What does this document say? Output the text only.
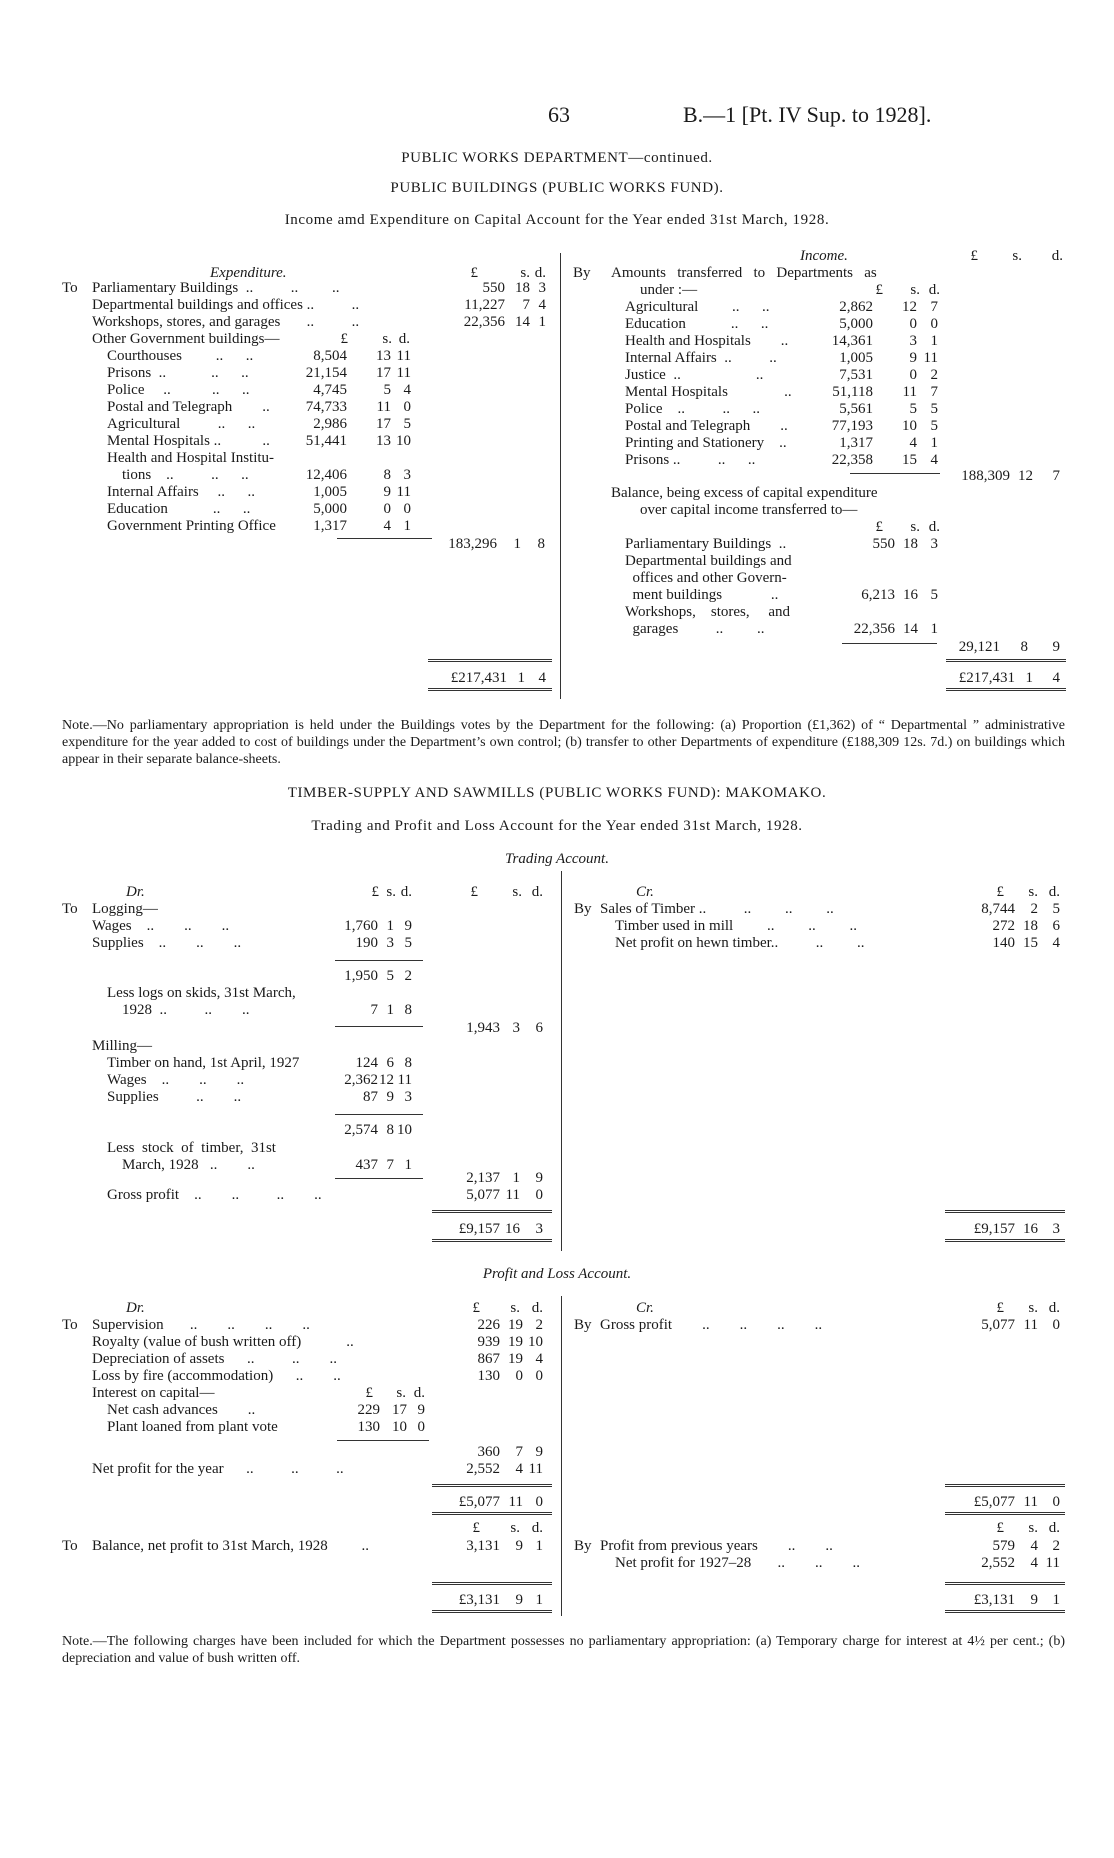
63	B.—1 [Pt. IV Sup. to 1928].
PUBLIC WORKS DEPARTMENT—continued.
PUBLIC BUILDINGS (PUBLIC WORKS FUND).
Income amd Expenditure on Capital Account for the Year ended 31st March, 1928.
Expenditure.	£	s. d.
To Parliamentary Buildings  ..          ..         ..	550 18 3
Departmental buildings and offices ..          ..	11,227	7 4
Workshops, stores, and garages       ..          ..	22,356 14 1
Other Government buildings—	£	s. d.
Courthouses         ..      ..	8,504	13 11
Prisons  ..            ..      ..	21,154	17 11
Police     ..           ..      ..	4,745	5 4
Postal and Telegraph        ..	74,733	11 0
Agricultural          ..      ..	2,986	17 5
Mental Hospitals ..           ..	51,441	13 10
Health and Hospital Institu-
tions    ..          ..      ..	12,406	8 3
Internal Affairs     ..      ..	1,005	9 11
Education            ..      ..	5,000	0 0
Government Printing Office	1,317	4 1
183,296	1	8
£217,431 1 4
Income.	£	s.	d.
By Amounts   transferred   to   Departments   as
under :—	£	s. d.
Agricultural         ..      ..	2,862	12 7
Education            ..      ..	5,000	0 0
Health and Hospitals        ..	14,361	3 1
Internal Affairs  ..          ..	1,005	9 11
Justice  ..                    ..	7,531	0 2
Mental Hospitals               ..	51,118	11 7
Police    ..          ..      ..	5,561	5 5
Postal and Telegraph        ..	77,193	10 5
Printing and Stationery    ..	1,317	4 1
Prisons ..          ..      ..	22,358	15 4
188,309 12	7
Balance, being excess of capital expenditure
over capital income transferred to—
£	s. d.
Parliamentary Buildings  ..	550 18 3
Departmental buildings and
offices and other Govern-
ment buildings             ..	6,213 16 5
Workshops,    stores,     and
garages          ..         ..	22,356 14 1
29,121	8	9
£217,431 1	4
Note.—No parliamentary appropriation is held under the Buildings votes by the Department for the following: (a) Proportion (£1,362) of “ Departmental ” administrative expenditure for the year added to cost of buildings under the Department’s own control; (b) transfer to other Departments of expenditure (£188,309 12s. 7d.) on buildings which appear in their separate balance-sheets.
TIMBER-SUPPLY AND SAWMILLS (PUBLIC WORKS FUND): MAKOMAKO.
Trading and Profit and Loss Account for the Year ended 31st March, 1928.
Trading Account.
Dr.	£ s. d.	£	s. d.
To Logging—
Wages    ..        ..        ..	1,760 1 9
Supplies    ..        ..        ..	190 3 5
1,950 5 2
Less logs on skids, 31st March,
1928  ..          ..        ..	7 1 8
1,943 3	6
Milling—
Timber on hand, 1st April, 1927	124 6 8
Wages    ..        ..        ..	2,362 12 11
Supplies          ..        ..	87 9 3
2,574 8 10
Less  stock  of  timber,  31st
March, 1928   ..        ..	437 7 1
2,137 1	9
Gross profit    ..        ..          ..        ..	5,077 11	0
£9,157 16	3
Cr.	£	s. d.
By Sales of Timber ..          ..         ..         ..	8,744	2 5
Timber used in mill         ..         ..         ..	272 18 6
Net profit on hewn timber..          ..         ..	140 15 4
£9,157 16 3
Profit and Loss Account.
Dr.	£	s. d.
To Supervision       ..        ..        ..        ..	226 19 2
Royalty (value of bush written off)            ..	939 19 10
Depreciation of assets      ..          ..        ..	867 19 4
Loss by fire (accommodation)      ..        ..	130	0 0
Interest on capital—	£	s. d.
Net cash advances        ..	229 17 9
Plant loaned from plant vote	130 10 0
360	7 9
Net profit for the year      ..          ..          ..	2,552	4 11
£5,077 11 0
£	s. d.
To Balance, net profit to 31st March, 1928         ..	3,131	9 1
£3,131	9 1
Cr.	£	s. d.
By Gross profit        ..        ..        ..        ..	5,077 11 0
£5,077 11 0
£	s. d.
By Profit from previous years        ..        ..	579	4 2
Net profit for 1927–28       ..        ..        ..	2,552	4 11
£3,131	9 1
Note.—The following charges have been included for which the Department possesses no parliamentary appropriation: (a) Temporary charge for interest at 4½ per cent.; (b) depreciation and value of bush written off.
